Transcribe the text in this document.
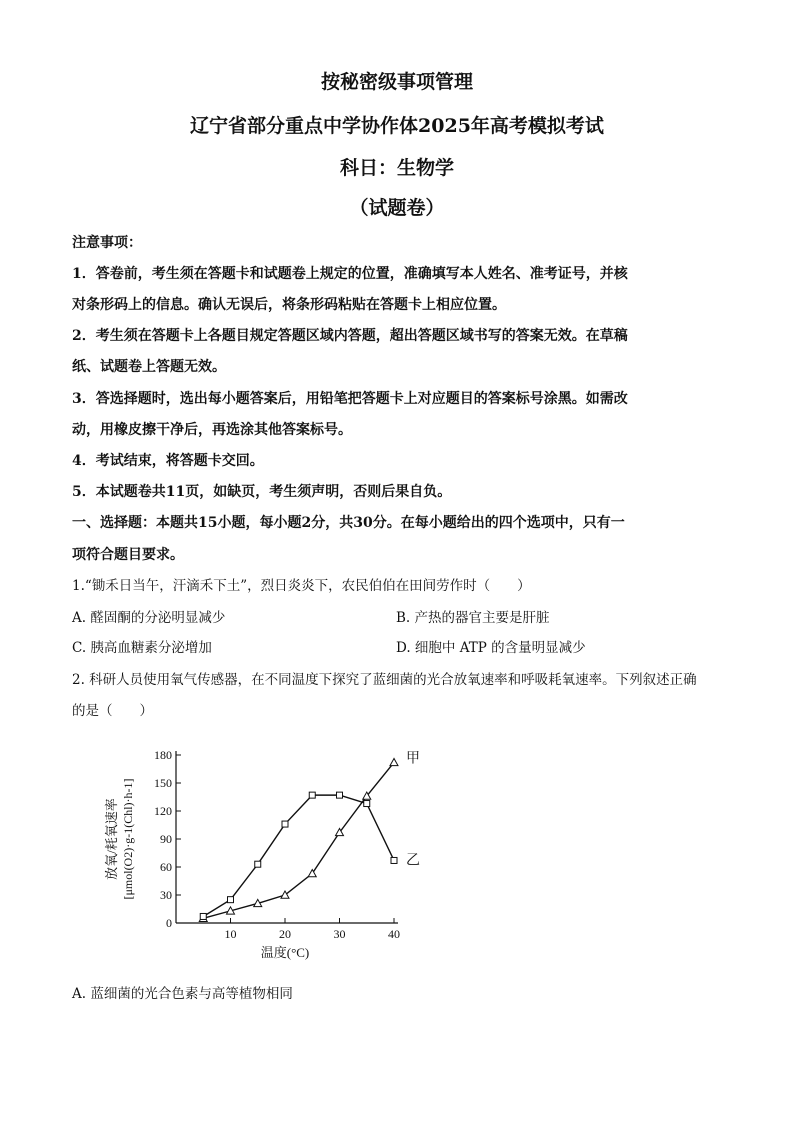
按秘密级事项管理
辽宁省部分重点中学协作体2025年高考模拟考试
科日：生物学
（试题卷）
注意事项：
1．答卷前，考生须在答题卡和试题卷上规定的位置，准确填写本人姓名、准考证号，并核
对条形码上的信息。确认无误后，将条形码粘贴在答题卡上相应位置。
2．考生须在答题卡上各题目规定答题区域内答题，超出答题区域书写的答案无效。在草稿
纸、试题卷上答题无效。
3．答选择题时，选出每小题答案后，用铅笔把答题卡上对应题目的答案标号涂黑。如需改
动，用橡皮擦干净后，再选涂其他答案标号。
4．考试结束，将答题卡交回。
5．本试题卷共11页，如缺页，考生须声明，否则后果自负。
一、选择题：本题共15小题，每小题2分，共30分。在每小题给出的四个选项中，只有一
项符合题目要求。
1.“锄禾日当午，汗滴禾下土”，烈日炎炎下，农民伯伯在田间劳作时（　　）
A. 醛固酮的分泌明显减少	B. 产热的器官主要是肝脏
C. 胰高血糖素分泌增加	D. 细胞中 ATP 的含量明显减少
2. 科研人员使用氧气传感器，在不同温度下探究了蓝细菌的光合放氧速率和呼吸耗氧速率。下列叙述正确
的是（　　）
0
30
60
90
120
150
180
10	20	30	40
温度(°C)
放氧/耗氧速率 [μmol(O2)·g-1(Chl)·h-1]
甲
乙
A. 蓝细菌的光合色素与高等植物相同
